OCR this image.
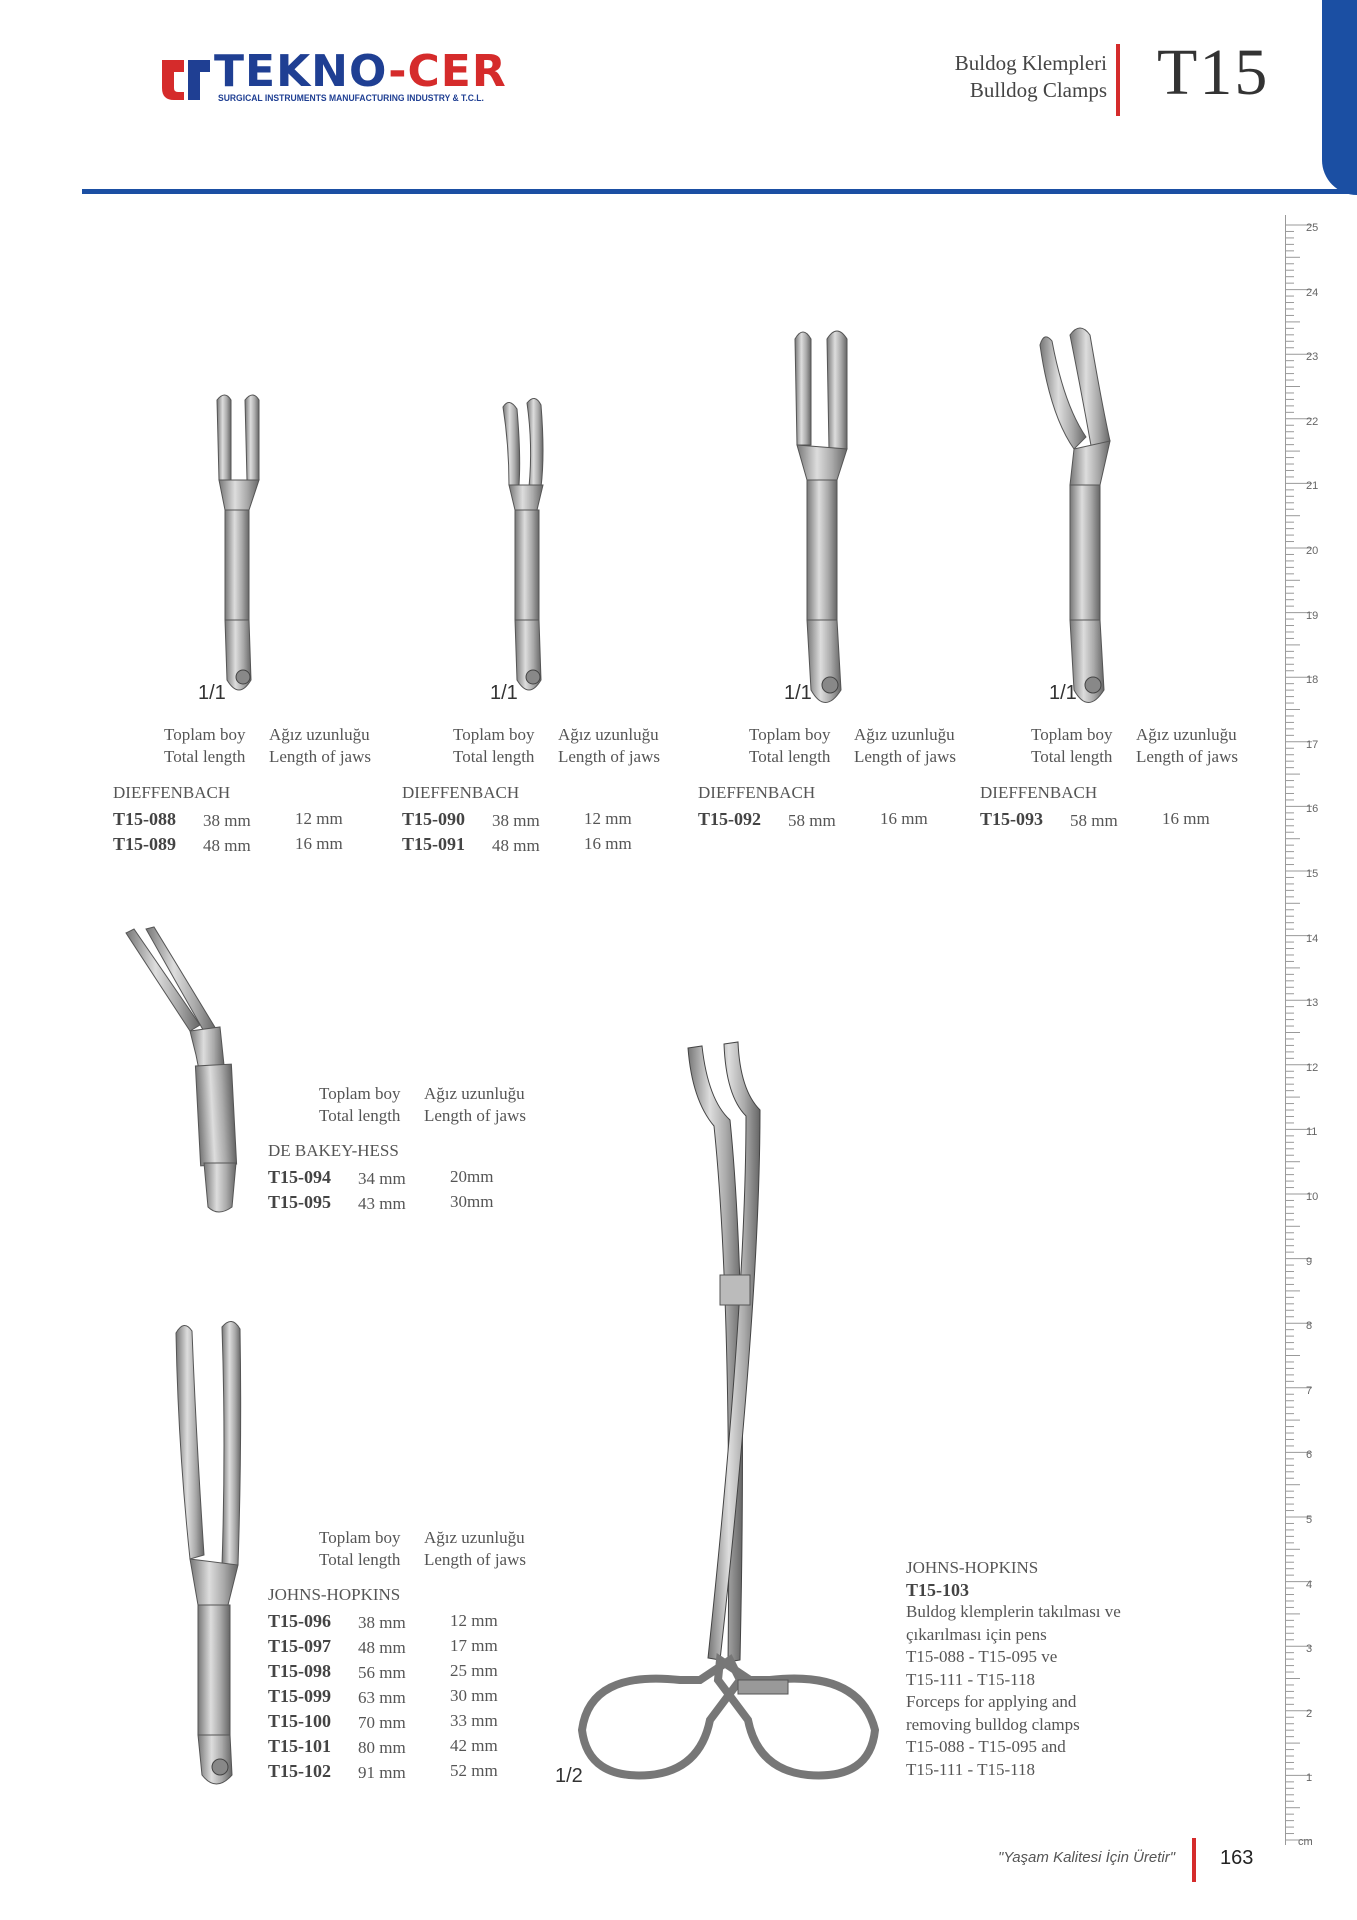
TEKNO-CER
SURGICAL INSTRUMENTS MANUFACTURING INDUSTRY & T.C.L.
Buldog Klempleri
Bulldog Clamps T15
25
24
23
22
21
20
19
18
17
16
15
14
13
12
11
10
9
8
7
6
5
4
3
2
1
cm
1/1	1/1	1/1	1/1
Toplam boy
Total length
Ağız uzunluğu
Length of jaws
DIEFFENBACH
T15-088 38 mm	12 mm
T15-089 48 mm	16 mm
Toplam boy
Total length
Ağız uzunluğu
Length of jaws
DIEFFENBACH
T15-090 38 mm	12 mm
T15-091 48 mm	16 mm
Toplam boy
Total length
Ağız uzunluğu
Length of jaws
DIEFFENBACH
T15-092 58 mm	16 mm
Toplam boy
Total length
Ağız uzunluğu
Length of jaws
DIEFFENBACH
T15-093 58 mm	16 mm
Toplam boy
Total length
Ağız uzunluğu
Length of jaws
DE BAKEY-HESS
T15-094 34 mm	20mm
T15-095 43 mm	30mm
Toplam boy
Total length
Ağız uzunluğu
Length of jaws
JOHNS-HOPKINS
T15-096 38 mm	12 mm
T15-097 48 mm	17 mm
T15-098 56 mm	25 mm
T15-099 63 mm	30 mm
T15-100 70 mm	33 mm
T15-101 80 mm	42 mm
T15-102 91 mm	52 mm	1/2
JOHNS-HOPKINS
T15-103
Buldog klemplerin takılması ve
çıkarılması için pens
T15-088 - T15-095 ve
T15-111 - T15-118
Forceps for applying and
removing bulldog clamps
T15-088 - T15-095 and
T15-111 - T15-118
"Yaşam Kalitesi İçin Üretir" 163
